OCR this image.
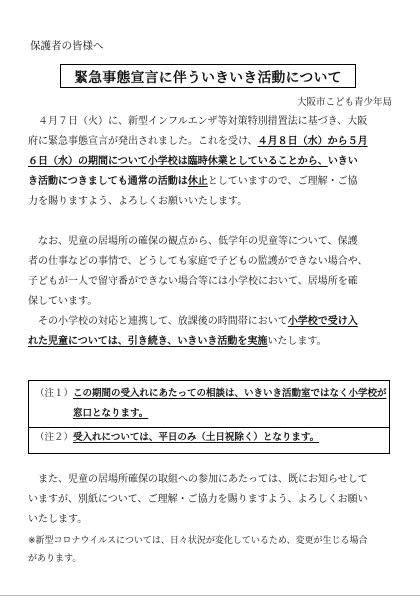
保護者の皆様へ
緊急事態宣言に伴ういきいき活動について
大阪市こども青少年局
４月７日（火）に、新型インフルエンザ等対策特別措置法に基づき、大阪
府に緊急事態宣言が発出されました。これを受け、４月８日（水）から５月
６日（水）の期間について小学校は臨時休業としていることから、いきい
き活動につきましても通常の活動は休止としていますので、ご理解・ご協
力を賜りますよう、よろしくお願いいたします。
なお、児童の居場所の確保の観点から、低学年の児童等について、保護
者の仕事などの事情で、どうしても家庭で子どもの監護ができない場合や、
子どもが一人で留守番ができない場合等には小学校において、居場所を確
保しています。
その小学校の対応と連携して、放課後の時間帯において小学校で受け入
れた児童については、引き続き、いきいき活動を実施いたします。
（注１）この期間の受入れにあたっての相談は、いきいき活動室ではなく小学校が
窓口となります。
（注２）受入れについては、平日のみ（土日祝除く）となります。
また、児童の居場所確保の取組への参加にあたっては、既にお知らせして
いますが、別紙について、ご理解・ご協力を賜りますよう、よろしくお願い
いたします。
※新型コロナウイルスについては、日々状況が変化しているため、変更が生じる場合
があります。
